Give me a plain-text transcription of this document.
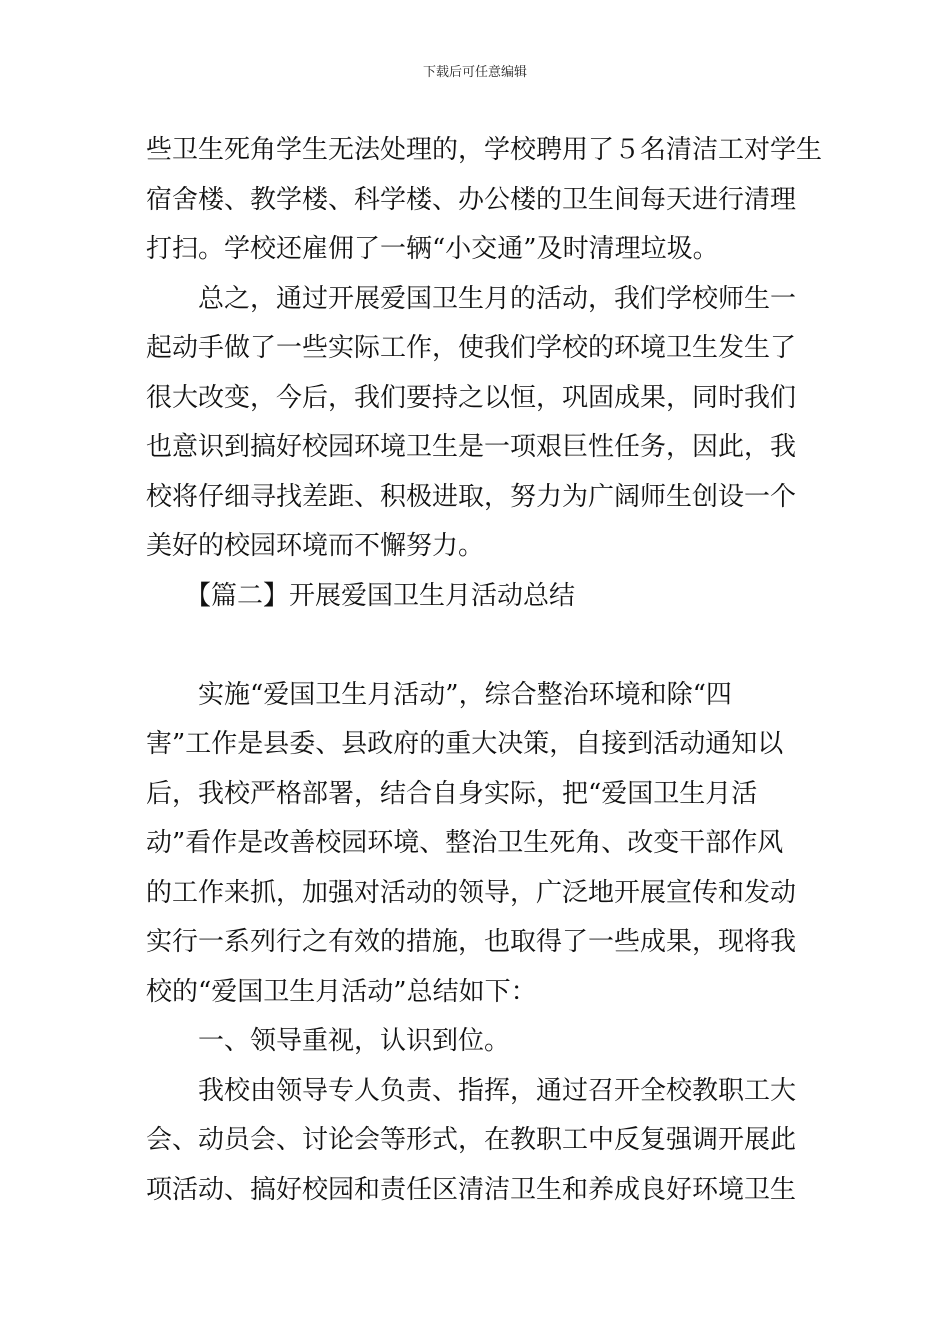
下载后可任意编辑
些卫生死角学生无法处理的，学校聘用了５名清洁工对学生
宿舍楼、教学楼、科学楼、办公楼的卫生间每天进行清理
打扫。学校还雇佣了一辆“小交通”及时清理垃圾。
　　总之，通过开展爱国卫生月的活动，我们学校师生一
起动手做了一些实际工作，使我们学校的环境卫生发生了
很大改变，今后，我们要持之以恒，巩固成果，同时我们
也意识到搞好校园环境卫生是一项艰巨性任务，因此，我
校将仔细寻找差距、积极进取，努力为广阔师生创设一个
美好的校园环境而不懈努力。
　　【篇二】开展爱国卫生月活动总结
　　实施“爱国卫生月活动”，综合整治环境和除“四
害”工作是县委、县政府的重大决策，自接到活动通知以
后，我校严格部署，结合自身实际，把“爱国卫生月活
动”看作是改善校园环境、整治卫生死角、改变干部作风
的工作来抓，加强对活动的领导，广泛地开展宣传和发动
实行一系列行之有效的措施，也取得了一些成果，现将我
校的“爱国卫生月活动”总结如下：
　　一、领导重视，认识到位。
　　我校由领导专人负责、指挥，通过召开全校教职工大
会、动员会、讨论会等形式，在教职工中反复强调开展此
项活动、搞好校园和责任区清洁卫生和养成良好环境卫生
